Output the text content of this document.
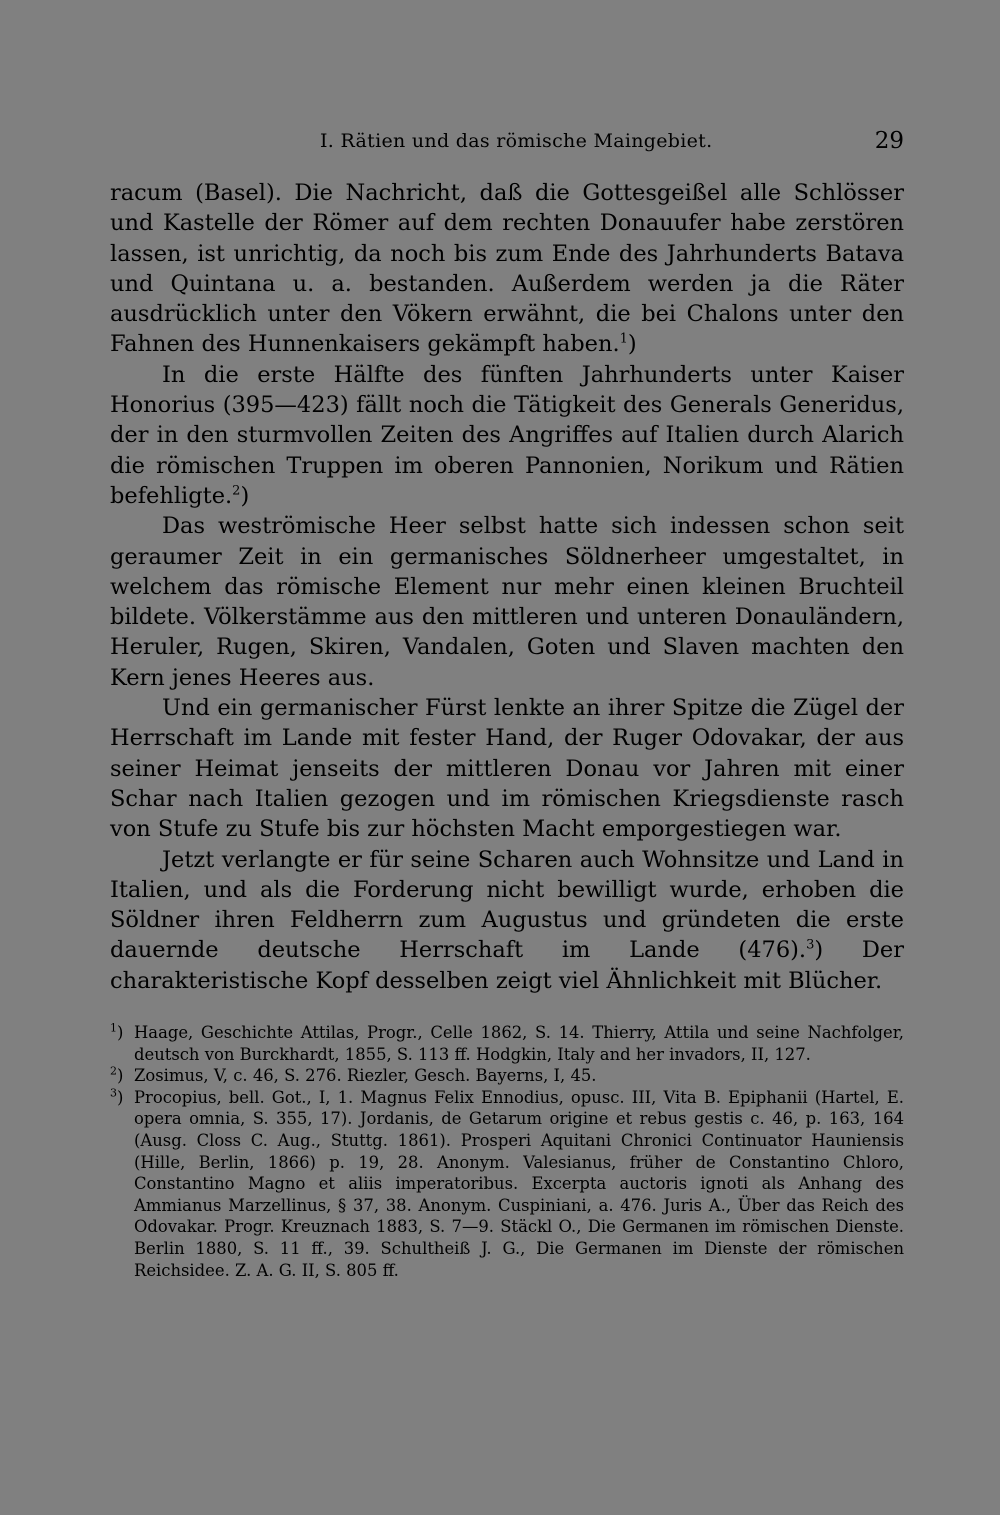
I. Rätien und das römische Maingebiet.	29

racum (Basel). Die Nachricht, daß die Gottesgeißel alle Schlösser und Kastelle der Römer auf dem rechten Donauufer habe zerstören lassen, ist unrichtig, da noch bis zum Ende des Jahrhunderts Batava und Quintana u. a. bestanden. Außerdem werden ja die Räter ausdrücklich unter den Vökern erwähnt, die bei Chalons unter den Fahnen des Hunnenkaisers gekämpft haben.$^1$)

In die erste Hälfte des fünften Jahrhunderts unter Kaiser Honorius (395—423) fällt noch die Tätigkeit des Generals Generidus, der in den sturmvollen Zeiten des Angriffes auf Italien durch Alarich die römischen Truppen im oberen Pannonien, Norikum und Rätien befehligte.$^2$)

Das weströmische Heer selbst hatte sich indessen schon seit geraumer Zeit in ein germanisches Söldnerheer umgestaltet, in welchem das römische Element nur mehr einen kleinen Bruchteil bildete. Völkerstämme aus den mittleren und unteren Donauländern, Heruler, Rugen, Skiren, Vandalen, Goten und Slaven machten den Kern jenes Heeres aus.

Und ein germanischer Fürst lenkte an ihrer Spitze die Zügel der Herrschaft im Lande mit fester Hand, der Ruger Odovakar, der aus seiner Heimat jenseits der mittleren Donau vor Jahren mit einer Schar nach Italien gezogen und im römischen Kriegsdienste rasch von Stufe zu Stufe bis zur höchsten Macht emporgestiegen war.

Jetzt verlangte er für seine Scharen auch Wohnsitze und Land in Italien, und als die Forderung nicht bewilligt wurde, erhoben die Söldner ihren Feldherrn zum Augustus und gründeten die erste dauernde deutsche Herrschaft im Lande (476).$^3$) Der charakteristische Kopf desselben zeigt viel Ähnlichkeit mit Blücher.

$^1$) Haage, Geschichte Attilas, Progr., Celle 1862, S. 14. Thierry, Attila und seine Nachfolger, deutsch von Burckhardt, 1855, S. 113 ff. Hodgkin, Italy and her invadors, II, 127.

$^2$) Zosimus, V, c. 46, S. 276. Riezler, Gesch. Bayerns, I, 45.

$^3$) Procopius, bell. Got., I, 1. Magnus Felix Ennodius, opusc. III, Vita B. Epiphanii (Hartel, E. opera omnia, S. 355, 17). Jordanis, de Getarum origine et rebus gestis c. 46, p. 163, 164 (Ausg. Closs C. Aug., Stuttg. 1861). Prosperi Aquitani Chronici Continuator Hauniensis (Hille, Berlin, 1866) p. 19, 28. Anonym. Valesianus, früher de Constantino Chloro, Constantino Magno et aliis imperatoribus. Excerpta auctoris ignoti als Anhang des Ammianus Marzellinus, § 37, 38. Anonym. Cuspiniani, a. 476. Juris A., Über das Reich des Odovakar. Progr. Kreuznach 1883, S. 7—9. Stäckl O., Die Germanen im römischen Dienste. Berlin 1880, S. 11 ff., 39. Schultheiß J. G., Die Germanen im Dienste der römischen Reichsidee. Z. A. G. II, S. 805 ff.
